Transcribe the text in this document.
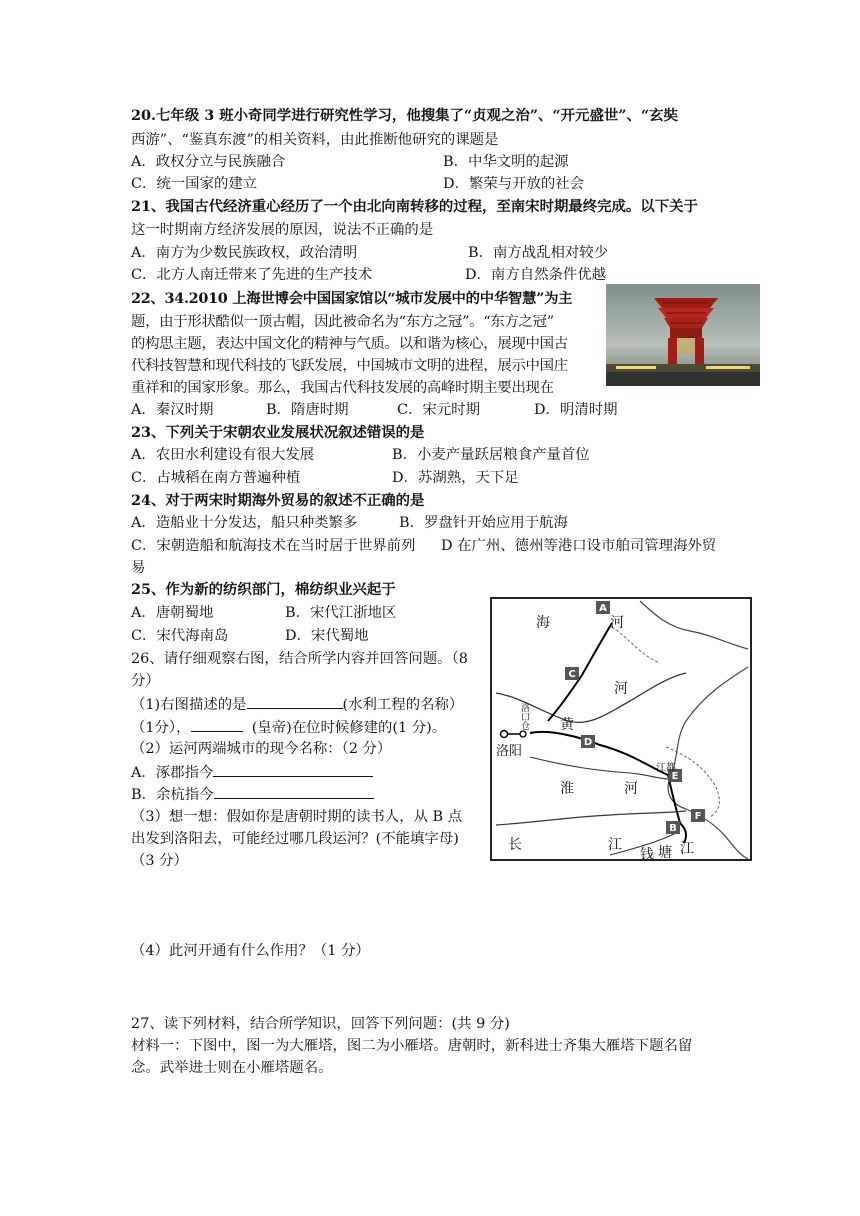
20.七年级 3 班小奇同学进行研究性学习，他搜集了“贞观之治”、“开元盛世”、“玄奘
西游”、“鉴真东渡”的相关资料，由此推断他研究的课题是
A．政权分立与民族融合	B．中华文明的起源
C．统一国家的建立	D．繁荣与开放的社会
21、我国古代经济重心经历了一个由北向南转移的过程，至南宋时期最终完成。以下关于
这一时期南方经济发展的原因，说法不正确的是
A．南方为少数民族政权，政治清明	B．南方战乱相对较少
C．北方人南迁带来了先进的生产技术	D．南方自然条件优越
22、34.2010 上海世博会中国国家馆以“城市发展中的中华智慧”为主
题，由于形状酷似一顶古帽，因此被命名为“东方之冠”。“东方之冠”
的构思主题，表达中国文化的精神与气质。以和谐为核心，展现中国古
代科技智慧和现代科技的飞跃发展，中国城市文明的进程，展示中国庄
重祥和的国家形象。那么，我国古代科技发展的高峰时期主要出现在
A．秦汉时期	B．隋唐时期	C．宋元时期	D．明清时期
23、下列关于宋朝农业发展状况叙述错误的是
A．农田水利建设有很大发展	B．小麦产量跃居粮食产量首位
C．占城稻在南方普遍种植	D．苏湖熟，天下足
24、对于两宋时期海外贸易的叙述不正确的是
A．造船业十分发达，船只种类繁多	B．罗盘针开始应用于航海
C．宋朝造船和航海技术在当时居于世界前列 D 在广州、德州等港口设市舶司管理海外贸
易
25、作为新的纺织部门，棉纺织业兴起于
A．唐朝蜀地	B．宋代江浙地区
C．宋代海南岛	D．宋代蜀地
26、请仔细观察右图，结合所学内容并回答问题。（8
分）
（1)右图描述的是	(水利工程的名称）
（1分），	(皇帝)在位时候修建的(1 分)。
（2）运河两端城市的现今名称：（2 分）
A．涿郡指今
B．余杭指今
（3）想一想：假如你是唐朝时期的读书人，从 B 点
出发到洛阳去，可能经过哪几段运河？(不能填字母)
（3 分）
（4）此河开通有什么作用？（1 分）
A
C
D
E
F
B
海	河
河
黄
淮	河
长	江
钱 塘 江
洛阳
洛口仓
江都
27、读下列材料，结合所学知识，回答下列问题：(共 9 分)
材料一：下图中，图一为大雁塔，图二为小雁塔。唐朝时，新科进士齐集大雁塔下题名留
念。武举进士则在小雁塔题名。
